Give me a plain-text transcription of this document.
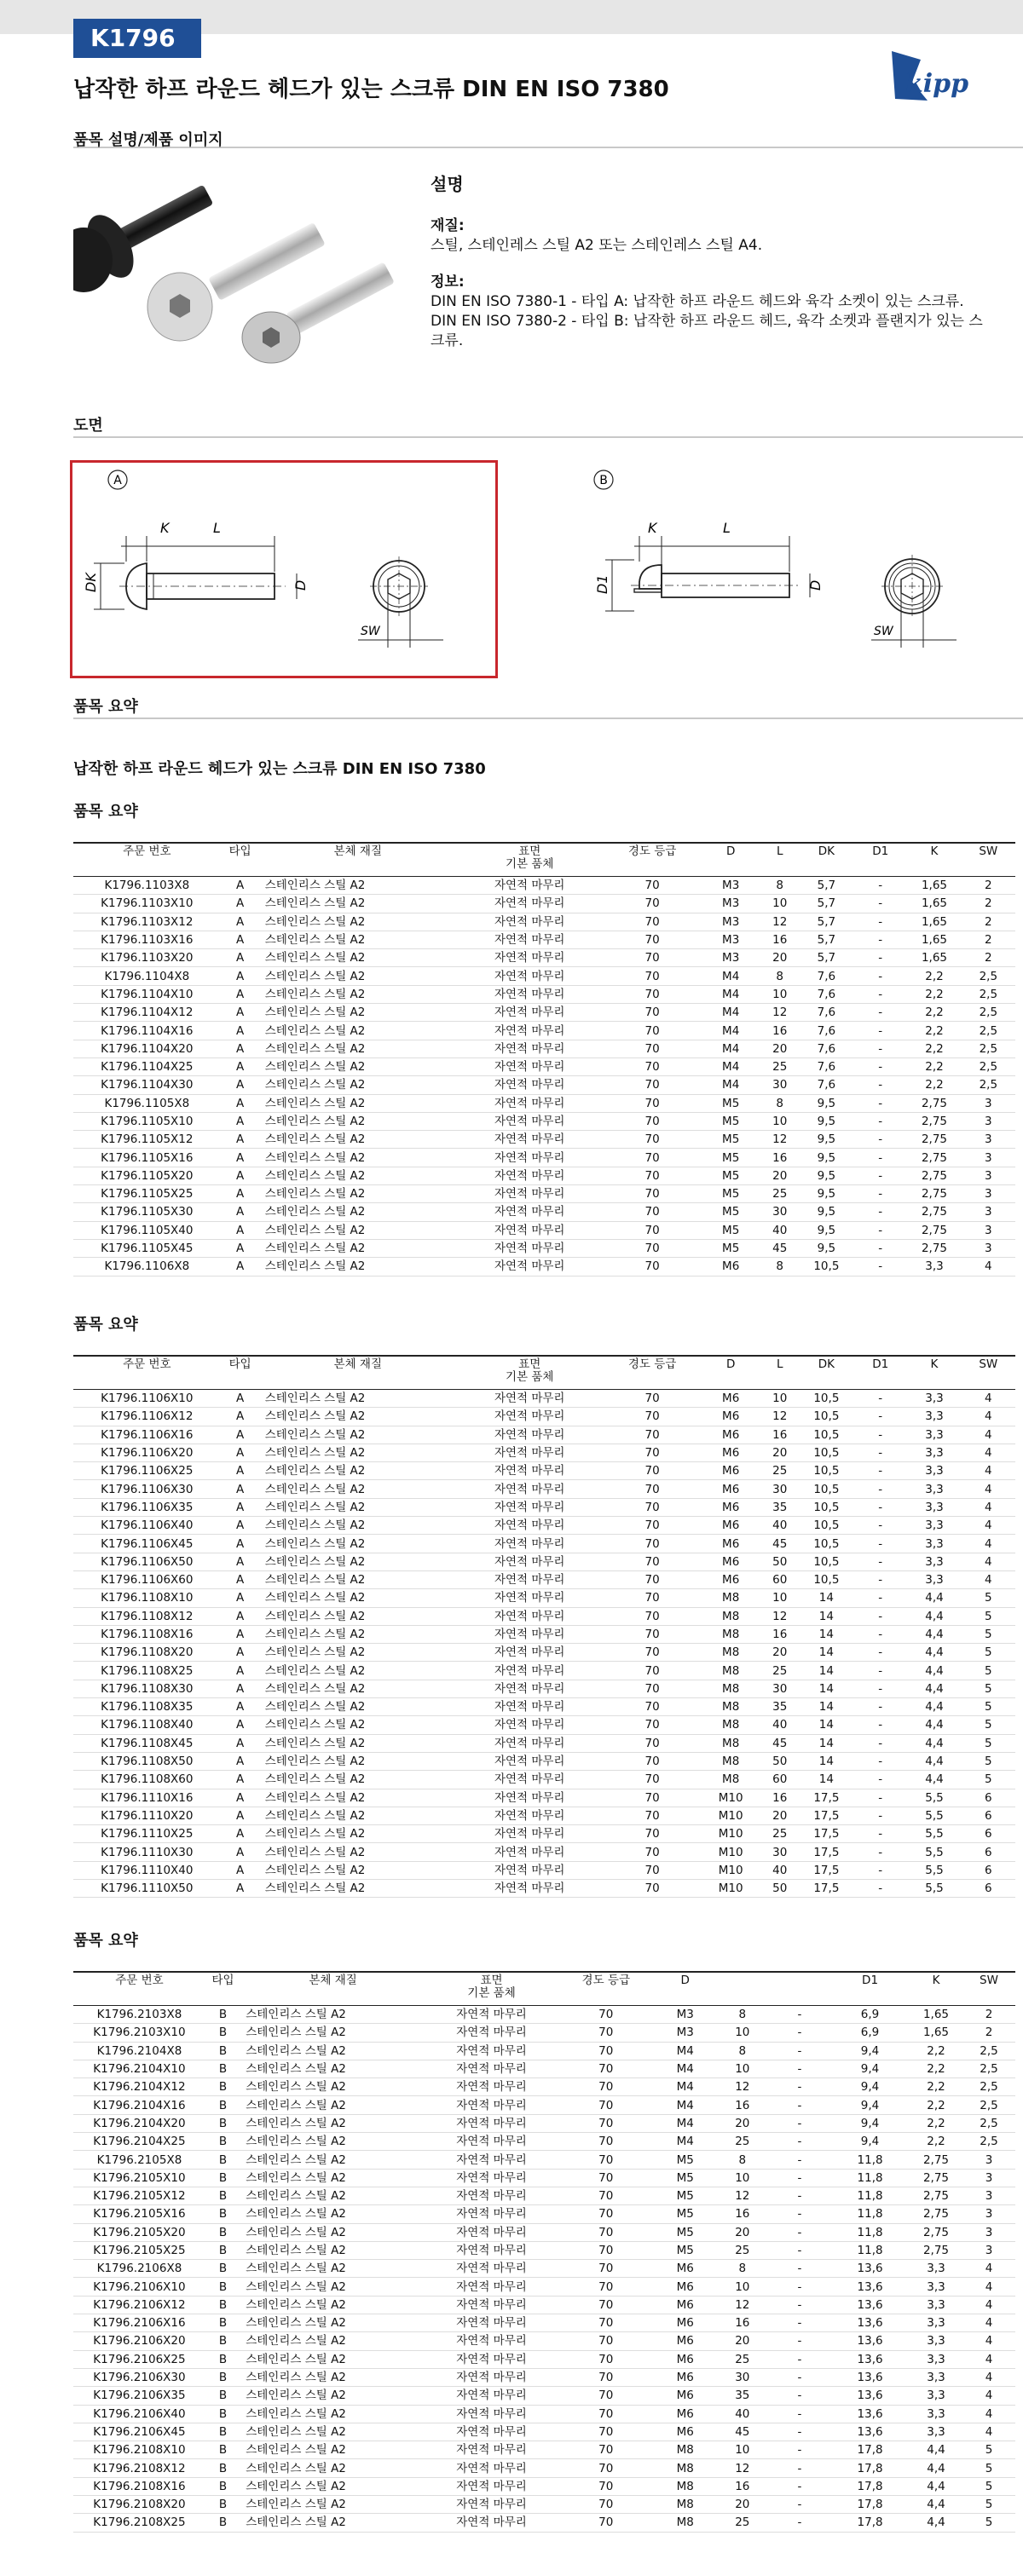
K1796
납작한 하프 라운드 헤드가 있는 스크류 DIN EN ISO 7380	kipp
품목 설명/제품 이미지

설명

재질:

스틸, 스테인레스 스틸 A2 또는 스테인레스 스틸 A4.

정보:

DIN EN ISO 7380-1 - 타입 A: 납작한 하프 라운드 헤드와 육각 소켓이 있는 스크류.

DIN EN ISO 7380-2 - 타입 B: 납작한 하프 라운드 헤드, 육각 소켓과 플랜지가 있는 스크류.

도면
A
K	L
DK	D
SW
B
K	L
D1	D
SW
품목 요약
납작한 하프 라운드 헤드가 있는 스크류 DIN EN ISO 7380
품목 요약
주문 번호	타입	본체 재질	표면
기본 품체	경도 등급	D	L	DK	D1	K	SW
K1796.1103X8	A	스테인리스 스틸 A2	자연적 마무리	70	M3	8	5,7	-	1,65	2
K1796.1103X10	A	스테인리스 스틸 A2	자연적 마무리	70	M3	10	5,7	-	1,65	2
K1796.1103X12	A	스테인리스 스틸 A2	자연적 마무리	70	M3	12	5,7	-	1,65	2
K1796.1103X16	A	스테인리스 스틸 A2	자연적 마무리	70	M3	16	5,7	-	1,65	2
K1796.1103X20	A	스테인리스 스틸 A2	자연적 마무리	70	M3	20	5,7	-	1,65	2
K1796.1104X8	A	스테인리스 스틸 A2	자연적 마무리	70	M4	8	7,6	-	2,2	2,5
K1796.1104X10	A	스테인리스 스틸 A2	자연적 마무리	70	M4	10	7,6	-	2,2	2,5
K1796.1104X12	A	스테인리스 스틸 A2	자연적 마무리	70	M4	12	7,6	-	2,2	2,5
K1796.1104X16	A	스테인리스 스틸 A2	자연적 마무리	70	M4	16	7,6	-	2,2	2,5
K1796.1104X20	A	스테인리스 스틸 A2	자연적 마무리	70	M4	20	7,6	-	2,2	2,5
K1796.1104X25	A	스테인리스 스틸 A2	자연적 마무리	70	M4	25	7,6	-	2,2	2,5
K1796.1104X30	A	스테인리스 스틸 A2	자연적 마무리	70	M4	30	7,6	-	2,2	2,5
K1796.1105X8	A	스테인리스 스틸 A2	자연적 마무리	70	M5	8	9,5	-	2,75	3
K1796.1105X10	A	스테인리스 스틸 A2	자연적 마무리	70	M5	10	9,5	-	2,75	3
K1796.1105X12	A	스테인리스 스틸 A2	자연적 마무리	70	M5	12	9,5	-	2,75	3
K1796.1105X16	A	스테인리스 스틸 A2	자연적 마무리	70	M5	16	9,5	-	2,75	3
K1796.1105X20	A	스테인리스 스틸 A2	자연적 마무리	70	M5	20	9,5	-	2,75	3
K1796.1105X25	A	스테인리스 스틸 A2	자연적 마무리	70	M5	25	9,5	-	2,75	3
K1796.1105X30	A	스테인리스 스틸 A2	자연적 마무리	70	M5	30	9,5	-	2,75	3
K1796.1105X40	A	스테인리스 스틸 A2	자연적 마무리	70	M5	40	9,5	-	2,75	3
K1796.1105X45	A	스테인리스 스틸 A2	자연적 마무리	70	M5	45	9,5	-	2,75	3
K1796.1106X8	A	스테인리스 스틸 A2	자연적 마무리	70	M6	8	10,5	-	3,3	4
품목 요약
주문 번호	타입	본체 재질	표면
기본 품체	경도 등급	D	L	DK	D1	K	SW
K1796.1106X10	A	스테인리스 스틸 A2	자연적 마무리	70	M6	10	10,5	-	3,3	4
K1796.1106X12	A	스테인리스 스틸 A2	자연적 마무리	70	M6	12	10,5	-	3,3	4
K1796.1106X16	A	스테인리스 스틸 A2	자연적 마무리	70	M6	16	10,5	-	3,3	4
K1796.1106X20	A	스테인리스 스틸 A2	자연적 마무리	70	M6	20	10,5	-	3,3	4
K1796.1106X25	A	스테인리스 스틸 A2	자연적 마무리	70	M6	25	10,5	-	3,3	4
K1796.1106X30	A	스테인리스 스틸 A2	자연적 마무리	70	M6	30	10,5	-	3,3	4
K1796.1106X35	A	스테인리스 스틸 A2	자연적 마무리	70	M6	35	10,5	-	3,3	4
K1796.1106X40	A	스테인리스 스틸 A2	자연적 마무리	70	M6	40	10,5	-	3,3	4
K1796.1106X45	A	스테인리스 스틸 A2	자연적 마무리	70	M6	45	10,5	-	3,3	4
K1796.1106X50	A	스테인리스 스틸 A2	자연적 마무리	70	M6	50	10,5	-	3,3	4
K1796.1106X60	A	스테인리스 스틸 A2	자연적 마무리	70	M6	60	10,5	-	3,3	4
K1796.1108X10	A	스테인리스 스틸 A2	자연적 마무리	70	M8	10	14	-	4,4	5
K1796.1108X12	A	스테인리스 스틸 A2	자연적 마무리	70	M8	12	14	-	4,4	5
K1796.1108X16	A	스테인리스 스틸 A2	자연적 마무리	70	M8	16	14	-	4,4	5
K1796.1108X20	A	스테인리스 스틸 A2	자연적 마무리	70	M8	20	14	-	4,4	5
K1796.1108X25	A	스테인리스 스틸 A2	자연적 마무리	70	M8	25	14	-	4,4	5
K1796.1108X30	A	스테인리스 스틸 A2	자연적 마무리	70	M8	30	14	-	4,4	5
K1796.1108X35	A	스테인리스 스틸 A2	자연적 마무리	70	M8	35	14	-	4,4	5
K1796.1108X40	A	스테인리스 스틸 A2	자연적 마무리	70	M8	40	14	-	4,4	5
K1796.1108X45	A	스테인리스 스틸 A2	자연적 마무리	70	M8	45	14	-	4,4	5
K1796.1108X50	A	스테인리스 스틸 A2	자연적 마무리	70	M8	50	14	-	4,4	5
K1796.1108X60	A	스테인리스 스틸 A2	자연적 마무리	70	M8	60	14	-	4,4	5
K1796.1110X16	A	스테인리스 스틸 A2	자연적 마무리	70	M10	16	17,5	-	5,5	6
K1796.1110X20	A	스테인리스 스틸 A2	자연적 마무리	70	M10	20	17,5	-	5,5	6
K1796.1110X25	A	스테인리스 스틸 A2	자연적 마무리	70	M10	25	17,5	-	5,5	6
K1796.1110X30	A	스테인리스 스틸 A2	자연적 마무리	70	M10	30	17,5	-	5,5	6
K1796.1110X40	A	스테인리스 스틸 A2	자연적 마무리	70	M10	40	17,5	-	5,5	6
K1796.1110X50	A	스테인리스 스틸 A2	자연적 마무리	70	M10	50	17,5	-	5,5	6
품목 요약
주문 번호	타입	본체 재질	표면
기본 품체	경도 등급	D			D1	K	SW
K1796.2103X8	B	스테인리스 스틸 A2	자연적 마무리	70	M3	8	-	6,9	1,65	2
K1796.2103X10	B	스테인리스 스틸 A2	자연적 마무리	70	M3	10	-	6,9	1,65	2
K1796.2104X8	B	스테인리스 스틸 A2	자연적 마무리	70	M4	8	-	9,4	2,2	2,5
K1796.2104X10	B	스테인리스 스틸 A2	자연적 마무리	70	M4	10	-	9,4	2,2	2,5
K1796.2104X12	B	스테인리스 스틸 A2	자연적 마무리	70	M4	12	-	9,4	2,2	2,5
K1796.2104X16	B	스테인리스 스틸 A2	자연적 마무리	70	M4	16	-	9,4	2,2	2,5
K1796.2104X20	B	스테인리스 스틸 A2	자연적 마무리	70	M4	20	-	9,4	2,2	2,5
K1796.2104X25	B	스테인리스 스틸 A2	자연적 마무리	70	M4	25	-	9,4	2,2	2,5
K1796.2105X8	B	스테인리스 스틸 A2	자연적 마무리	70	M5	8	-	11,8	2,75	3
K1796.2105X10	B	스테인리스 스틸 A2	자연적 마무리	70	M5	10	-	11,8	2,75	3
K1796.2105X12	B	스테인리스 스틸 A2	자연적 마무리	70	M5	12	-	11,8	2,75	3
K1796.2105X16	B	스테인리스 스틸 A2	자연적 마무리	70	M5	16	-	11,8	2,75	3
K1796.2105X20	B	스테인리스 스틸 A2	자연적 마무리	70	M5	20	-	11,8	2,75	3
K1796.2105X25	B	스테인리스 스틸 A2	자연적 마무리	70	M5	25	-	11,8	2,75	3
K1796.2106X8	B	스테인리스 스틸 A2	자연적 마무리	70	M6	8	-	13,6	3,3	4
K1796.2106X10	B	스테인리스 스틸 A2	자연적 마무리	70	M6	10	-	13,6	3,3	4
K1796.2106X12	B	스테인리스 스틸 A2	자연적 마무리	70	M6	12	-	13,6	3,3	4
K1796.2106X16	B	스테인리스 스틸 A2	자연적 마무리	70	M6	16	-	13,6	3,3	4
K1796.2106X20	B	스테인리스 스틸 A2	자연적 마무리	70	M6	20	-	13,6	3,3	4
K1796.2106X25	B	스테인리스 스틸 A2	자연적 마무리	70	M6	25	-	13,6	3,3	4
K1796.2106X30	B	스테인리스 스틸 A2	자연적 마무리	70	M6	30	-	13,6	3,3	4
K1796.2106X35	B	스테인리스 스틸 A2	자연적 마무리	70	M6	35	-	13,6	3,3	4
K1796.2106X40	B	스테인리스 스틸 A2	자연적 마무리	70	M6	40	-	13,6	3,3	4
K1796.2106X45	B	스테인리스 스틸 A2	자연적 마무리	70	M6	45	-	13,6	3,3	4
K1796.2108X10	B	스테인리스 스틸 A2	자연적 마무리	70	M8	10	-	17,8	4,4	5
K1796.2108X12	B	스테인리스 스틸 A2	자연적 마무리	70	M8	12	-	17,8	4,4	5
K1796.2108X16	B	스테인리스 스틸 A2	자연적 마무리	70	M8	16	-	17,8	4,4	5
K1796.2108X20	B	스테인리스 스틸 A2	자연적 마무리	70	M8	20	-	17,8	4,4	5
K1796.2108X25	B	스테인리스 스틸 A2	자연적 마무리	70	M8	25	-	17,8	4,4	5
